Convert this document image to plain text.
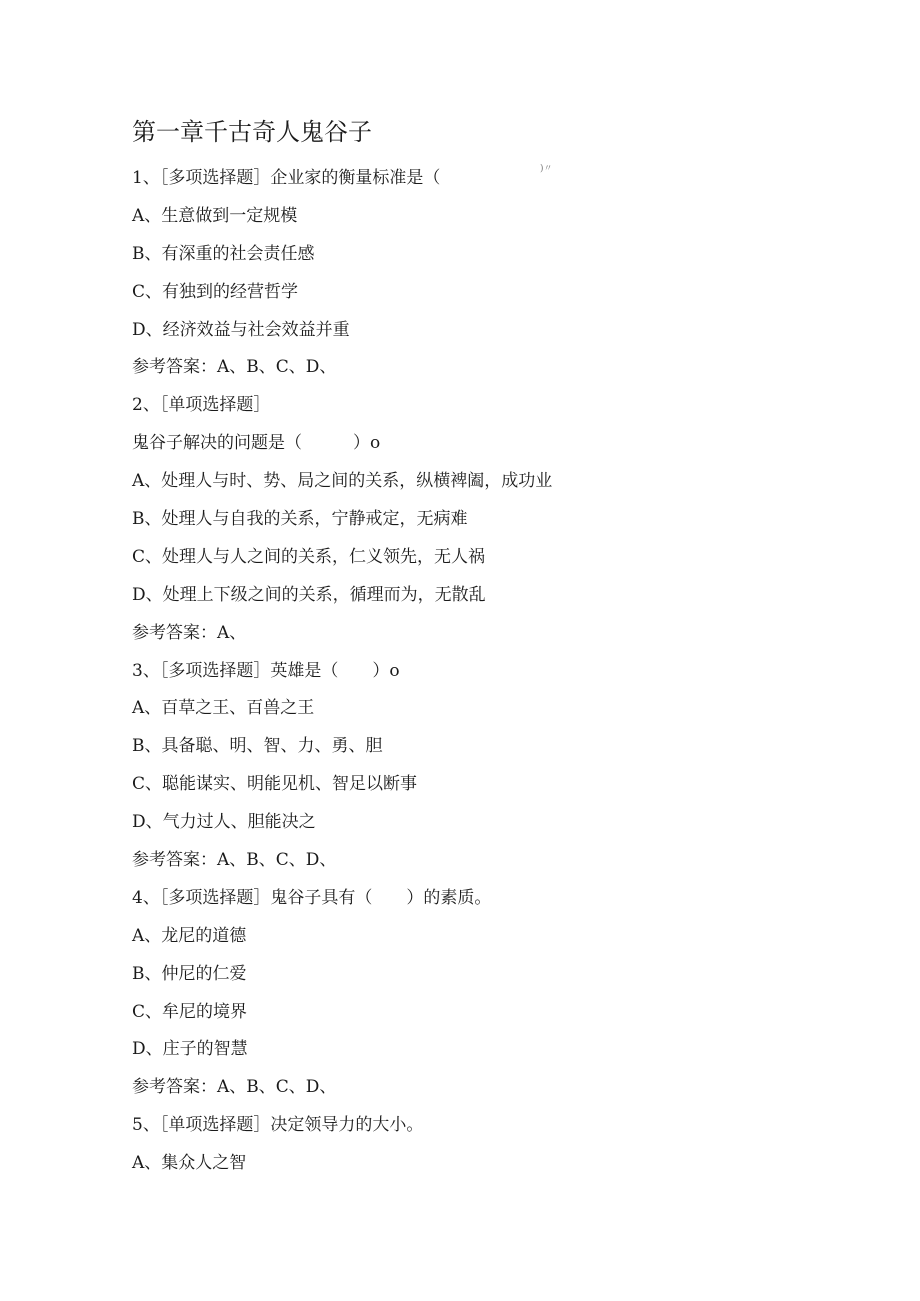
第一章千古奇人鬼谷子
)〃
1、［多项选择题］企业家的衡量标准是（
A、生意做到一定规模
B、有深重的社会责任感
C、有独到的经营哲学
D、经济效益与社会效益并重
参考答案：A、B、C、D、
2、［单项选择题］
鬼谷子解决的问题是（　　　）o
A、处理人与时、势、局之间的关系，纵横裨阖，成功业
B、处理人与自我的关系，宁静戒定，无病难
C、处理人与人之间的关系，仁义领先，无人祸
D、处理上下级之间的关系，循理而为，无散乱
参考答案：A、
3、［多项选择题］英雄是（　　）o
A、百草之王、百兽之王
B、具备聪、明、智、力、勇、胆
C、聪能谋实、明能见机、智足以断事
D、气力过人、胆能决之
参考答案：A、B、C、D、
4、［多项选择题］鬼谷子具有（　　）的素质。
A、龙尼的道德
B、仲尼的仁爱
C、牟尼的境界
D、庄子的智慧
参考答案：A、B、C、D、
5、［单项选择题］决定领导力的大小。
A、集众人之智
